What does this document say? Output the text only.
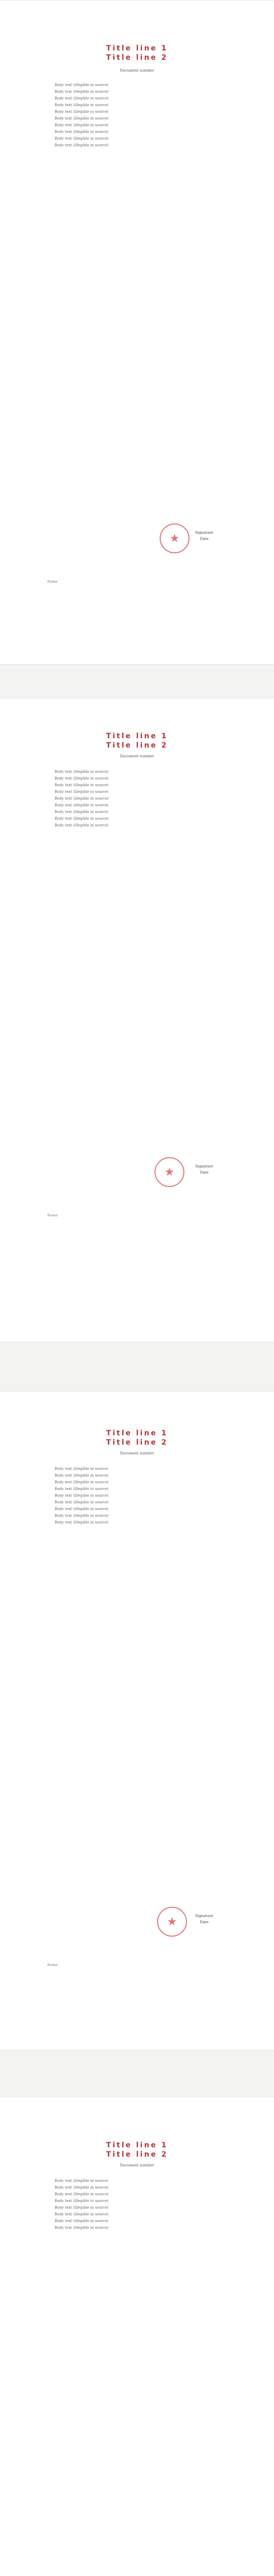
Title line 1
Title line 2
Document number

Body text (illegible in source)

Body text (illegible in source)

Body text (illegible in source)

Body text (illegible in source)

Body text (illegible in source)

Body text (illegible in source)

Body text (illegible in source)

Body text (illegible in source)

Body text (illegible in source)

Body text (illegible in source)

★	Signature
Date
Footer
Title line 1
Title line 2
Document number

Body text (illegible in source)

Body text (illegible in source)

Body text (illegible in source)

Body text (illegible in source)

Body text (illegible in source)

Body text (illegible in source)

Body text (illegible in source)

Body text (illegible in source)

Body text (illegible in source)

★	Signature
Date
Footer
Title line 1
Title line 2
Document number

Body text (illegible in source)

Body text (illegible in source)

Body text (illegible in source)

Body text (illegible in source)

Body text (illegible in source)

Body text (illegible in source)

Body text (illegible in source)

Body text (illegible in source)

Body text (illegible in source)

★	Signature
Date
Footer
Title line 1
Title line 2
Document number

Body text (illegible in source)

Body text (illegible in source)

Body text (illegible in source)

Body text (illegible in source)

Body text (illegible in source)

Body text (illegible in source)

Body text (illegible in source)

Body text (illegible in source)
